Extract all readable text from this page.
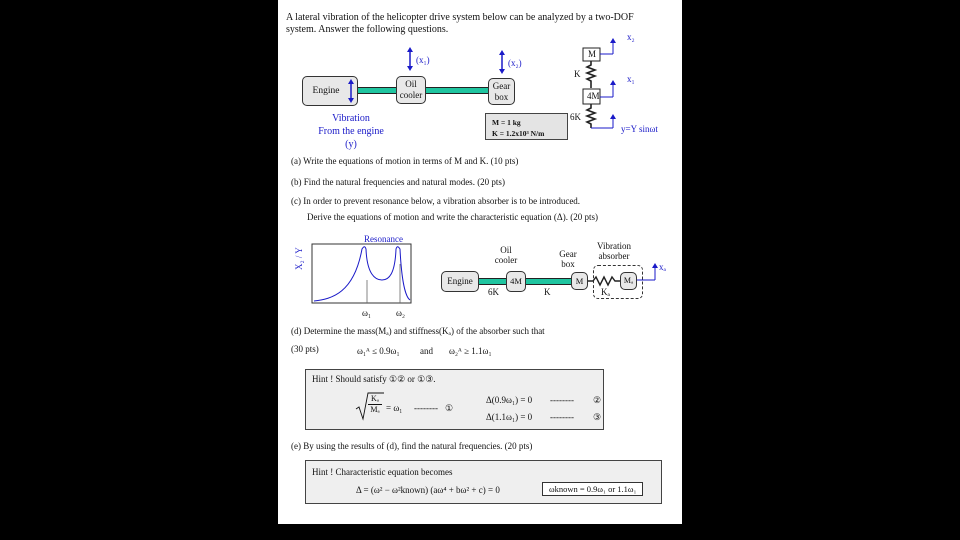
A lateral vibration of the helicopter drive system below can be analyzed by a two-DOF
system. Answer the following questions.
Engine
Oil
cooler
Gear
box
(x₁)	(x₂)
Vibration
From the engine
(y)
M = 1 kg
K = 1.2x10³ N/m
M
4M
K
6K
x₂
x₁
y=Y sinωt
(a) Write the equations of motion in terms of M and K. (10 pts)
(b) Find the natural frequencies and natural modes. (20 pts)
(c) In order to prevent resonance below, a vibration absorber is to be introduced.
Derive the equations of motion and write the characteristic equation (Δ). (20 pts)
Resonance
X₂ / Y
ω₁	ω₂
Engine	4M	M	Mₐ
xₐ
6K	K	Kₐ
Oil
cooler
Gear
box
Vibration
absorber
(d) Determine the mass(Mₐ) and stiffness(Kₐ) of the absorber such that
(30 pts)	ω₁ᴬ ≤ 0.9ω₁ and ω₂ᴬ ≥ 1.1ω₁
Hint ! Should satisfy ①② or ①③.
$\frac{\text{Kₐ}}{\text{Mₐ}} = \omega_1$ -------- ①
Δ(0.9ω₁) = 0 -------- ②
Δ(1.1ω₁) = 0 -------- ③
(e) By using the results of (d), find the natural frequencies. (20 pts)
Hint ! Characteristic equation becomes
Δ = (ω² − ω²known) (aω⁴ + bω² + c) = 0	ωknown = 0.9ω₁ or 1.1ω₁
